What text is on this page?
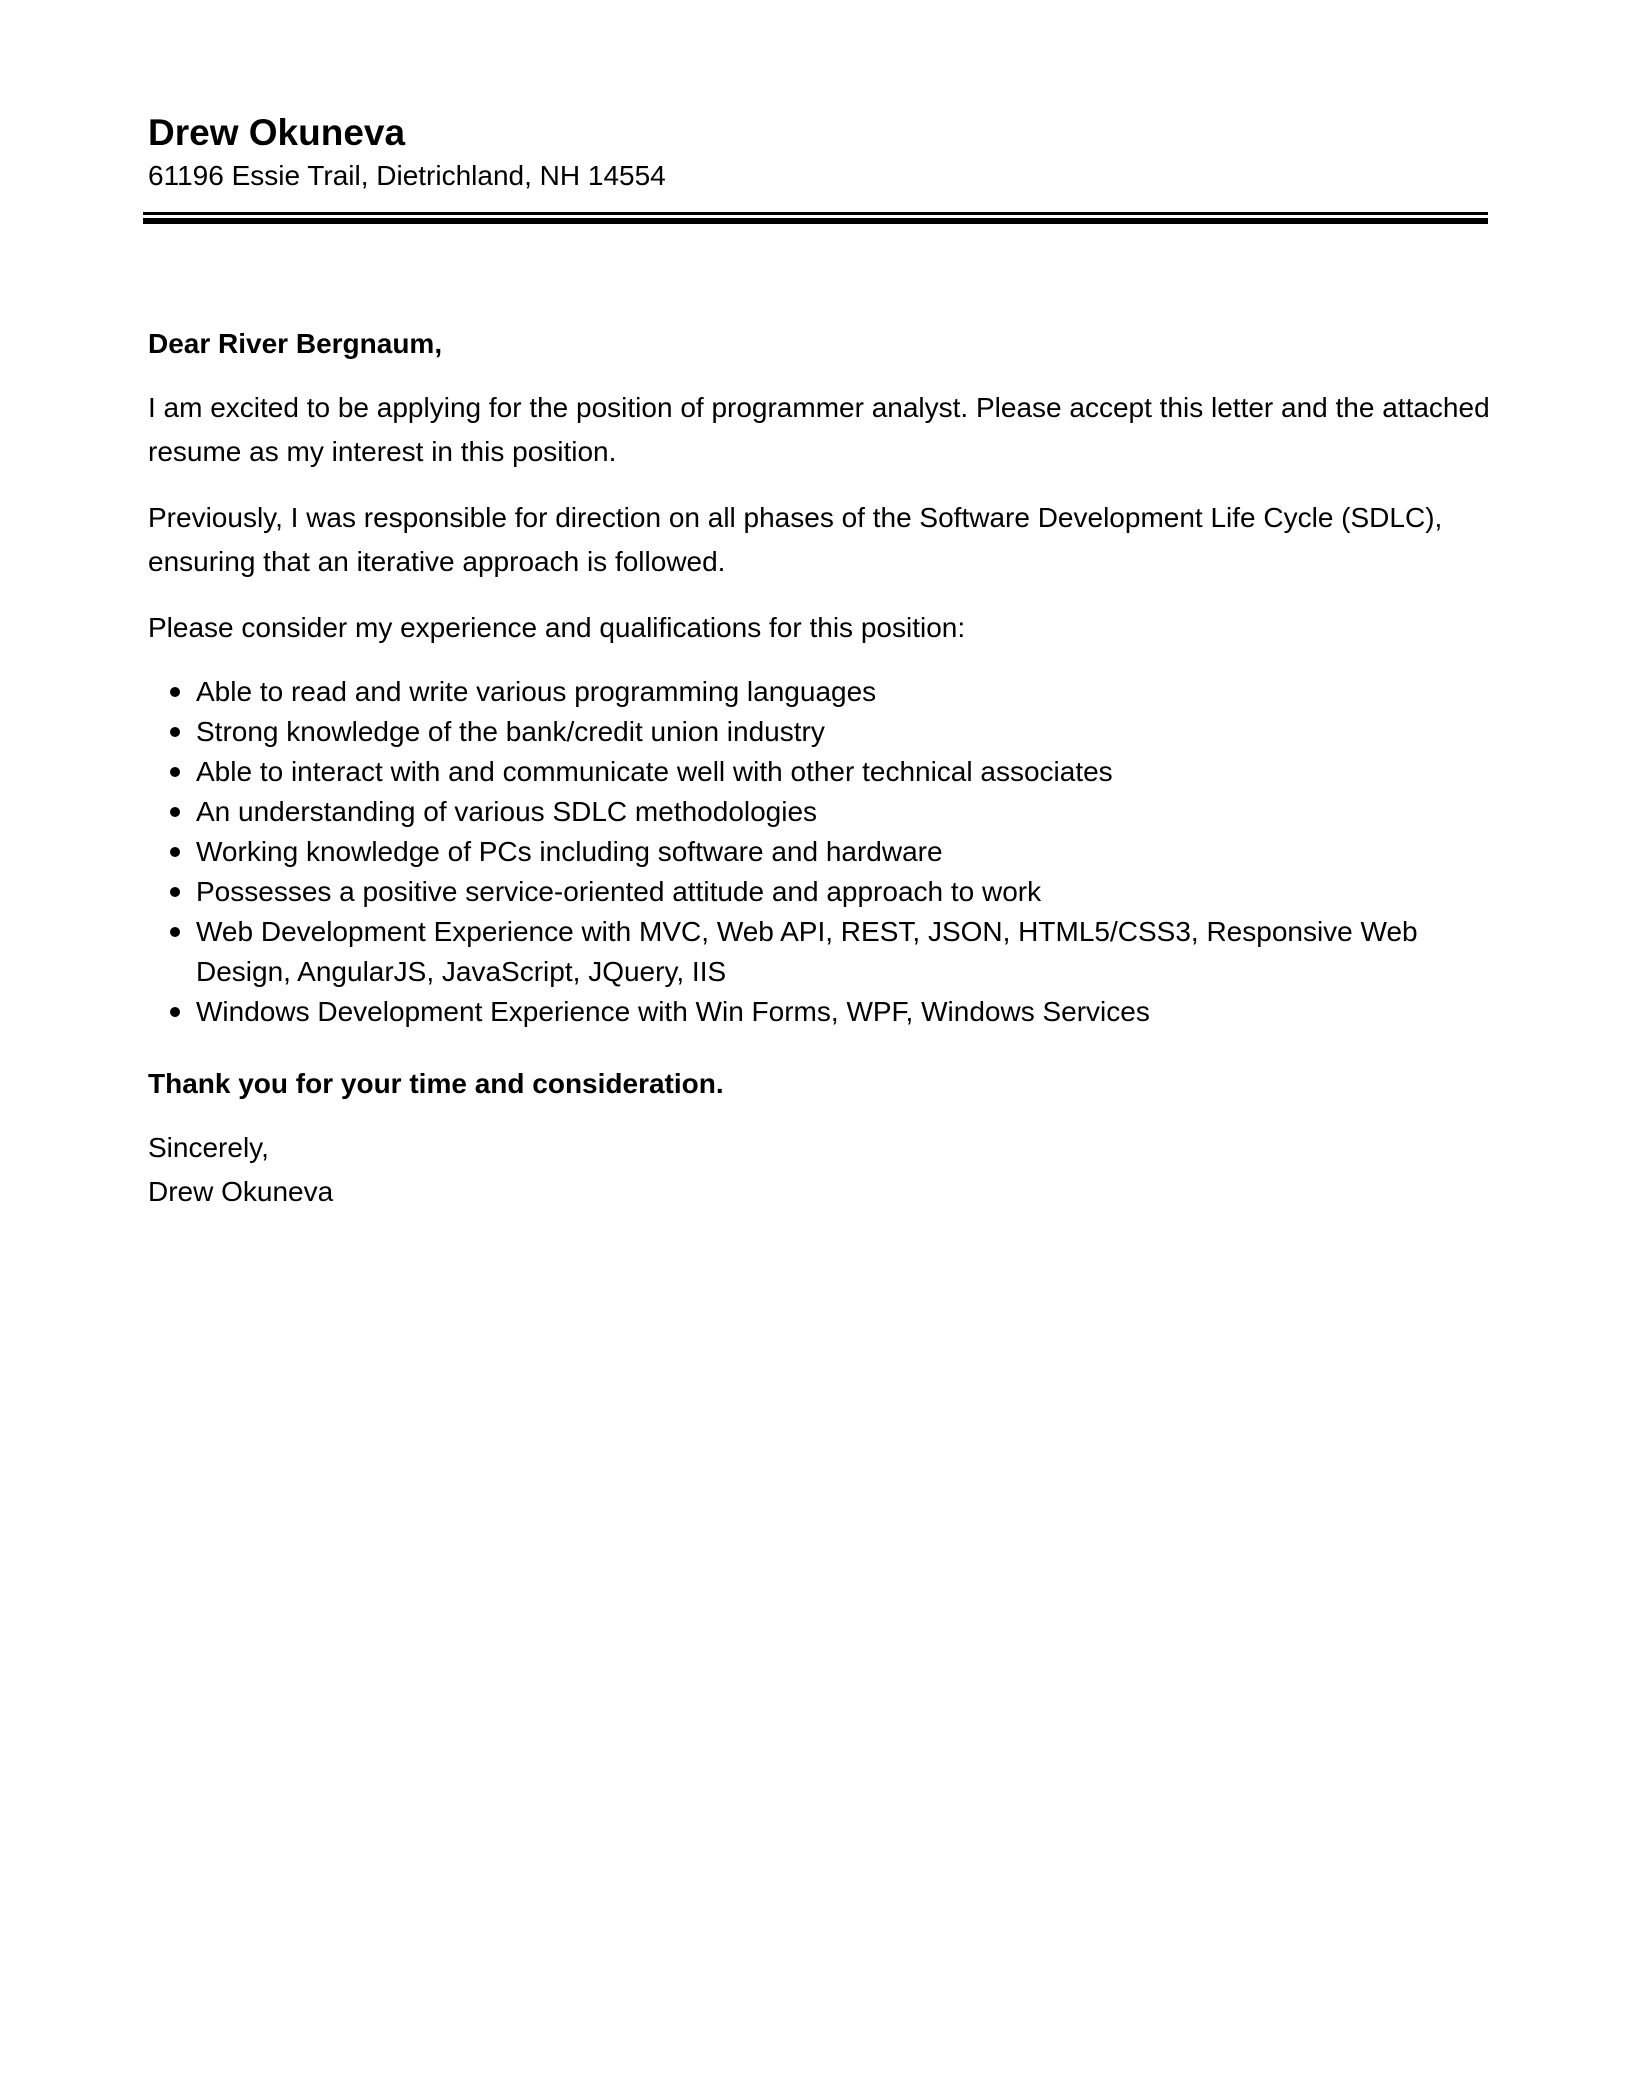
Drew Okuneva

61196 Essie Trail, Dietrichland, NH 14554

Dear River Bergnaum,

I am excited to be applying for the position of programmer analyst. Please accept this letter and the attached resume as my interest in this position.

Previously, I was responsible for direction on all phases of the Software Development Life Cycle (SDLC), ensuring that an iterative approach is followed.

Please consider my experience and qualifications for this position:

Able to read and write various programming languages
Strong knowledge of the bank/credit union industry
Able to interact with and communicate well with other technical associates
An understanding of various SDLC methodologies
Working knowledge of PCs including software and hardware
Possesses a positive service-oriented attitude and approach to work
Web Development Experience with MVC, Web API, REST, JSON, HTML5/CSS3, Responsive Web Design, AngularJS, JavaScript, JQuery, IIS
Windows Development Experience with Win Forms, WPF, Windows Services

Thank you for your time and consideration.

Sincerely,

Drew Okuneva
